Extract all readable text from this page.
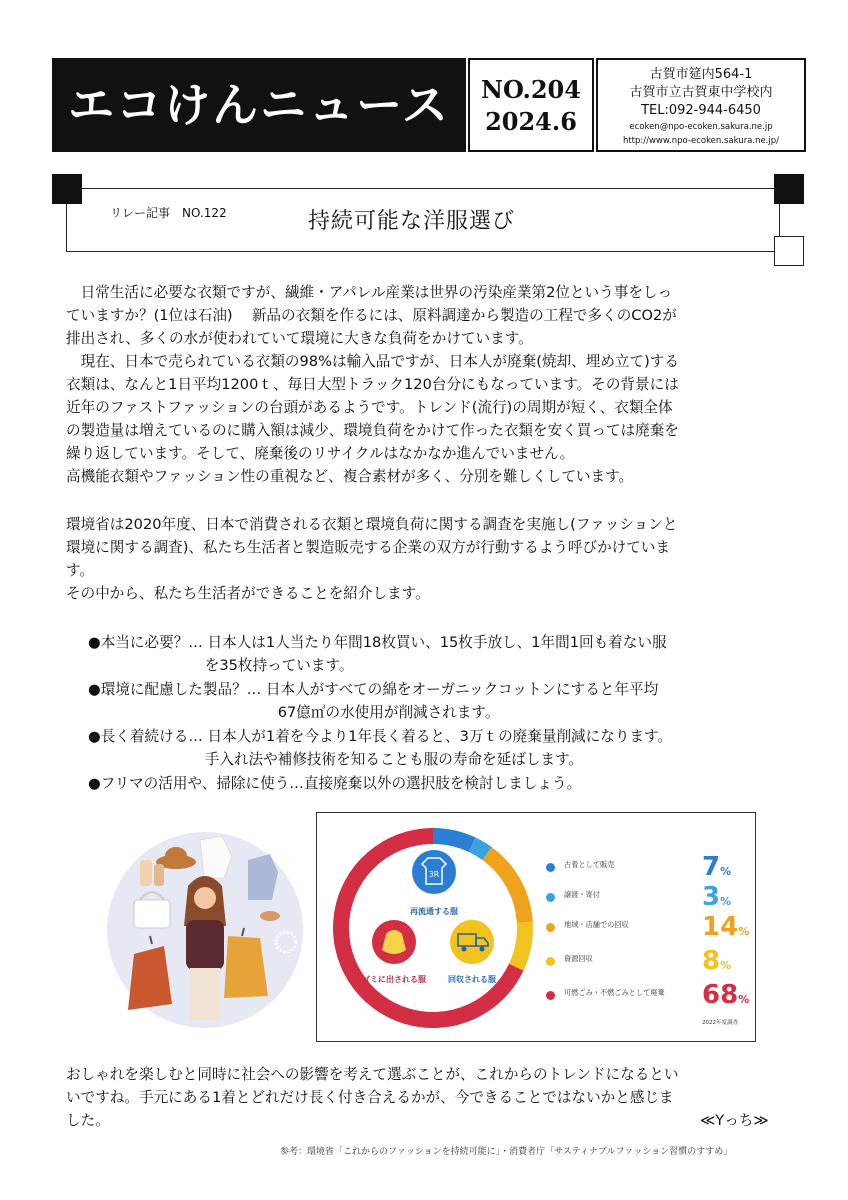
エコけんニュース	NO.204
2024.6
古賀市筵内564-1
古賀市立古賀東中学校内
TEL:092-944-6450
ecoken@npo-ecoken.sakura.ne.jp
http://www.npo-ecoken.sakura.ne.jp/
リレー記事　NO.122	持続可能な洋服選び
　日常生活に必要な衣類ですが、繊維・アパレル産業は世界の汚染産業第2位という事をしっ
ていますか？(1位は石油)　 新品の衣類を作るには、原料調達から製造の工程で多くのCO2が
排出され、多くの水が使われていて環境に大きな負荷をかけています。
　現在、日本で売られている衣類の98%は輸入品ですが、日本人が廃棄(焼却、埋め立て)する
衣類は、なんと1日平均1200ｔ、毎日大型トラック120台分にもなっています。その背景には
近年のファストファッションの台頭があるようです。トレンド(流行)の周期が短く、衣類全体
の製造量は増えているのに購入額は減少、環境負荷をかけて作った衣類を安く買っては廃棄を
繰り返しています。そして、廃棄後のリサイクルはなかなか進んでいません。
高機能衣類やファッション性の重視など、複合素材が多く、分別を難しくしています。
環境省は2020年度、日本で消費される衣類と環境負荷に関する調査を実施し(ファッションと
環境に関する調査)、私たち生活者と製造販売する企業の双方が行動するよう呼びかけていま
す。
その中から、私たち生活者ができることを紹介します。
●本当に必要？… 日本人は1人当たり年間18枚買い、15枚手放し、1年間1回も着ない服
　　　　　　　　を35枚持っています。
●環境に配慮した製品？… 日本人がすべての綿をオーガニックコットンにすると年平均
　　　　　　　　　　　　　67億㎥の水使用が削減されます。
●長く着続ける… 日本人が1着を今より1年長く着ると、3万ｔの廃棄量削減になります。
　　　　　　　　手入れ法や補修技術を知ることも服の寿命を延ばします。
●フリマの活用や、掃除に使う…直接廃棄以外の選択肢を検討しましょう。
3R
再流通する服
ゴミに出される服	回収される服
古着として販売	7%
譲渡・寄付	3%
地域・店舗での回収	14%
資源回収	8%
可燃ごみ・不燃ごみとして廃棄 68%
2022年度調査
おしゃれを楽しむと同時に社会への影響を考えて選ぶことが、これからのトレンドになるとい
いですね。手元にある1着とどれだけ長く付き合えるかが、今できることではないかと感じま
した。	≪Yっち≫
参考：環境省「これからのファッションを持続可能に」・消費者庁「サスティナブルファッション習慣のすすめ」
